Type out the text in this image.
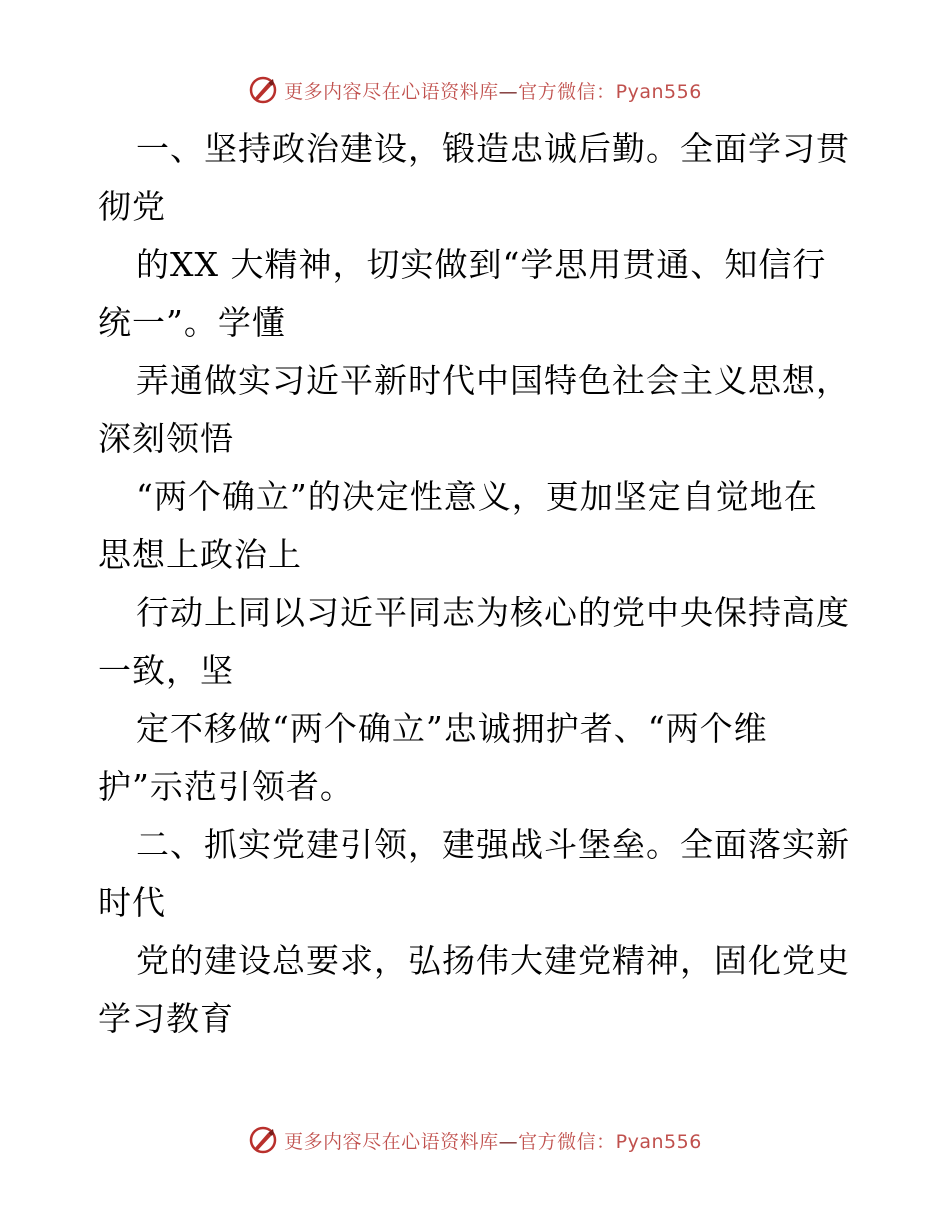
更多内容尽在心语资料库—官方微信：Pyan556
一、坚持政治建设，锻造忠诚后勤。全面学习贯
彻党
的XX 大精神，切实做到“学思用贯通、知信行
统一”。学懂
弄通做实习近平新时代中国特色社会主义思想，
深刻领悟
“两个确立”的决定性意义，更加坚定自觉地在
思想上政治上
行动上同以习近平同志为核心的党中央保持高度
一致，坚
定不移做“两个确立”忠诚拥护者、“两个维
护”示范引领者。
二、抓实党建引领，建强战斗堡垒。全面落实新
时代
党的建设总要求，弘扬伟大建党精神，固化党史
学习教育
更多内容尽在心语资料库—官方微信：Pyan556
